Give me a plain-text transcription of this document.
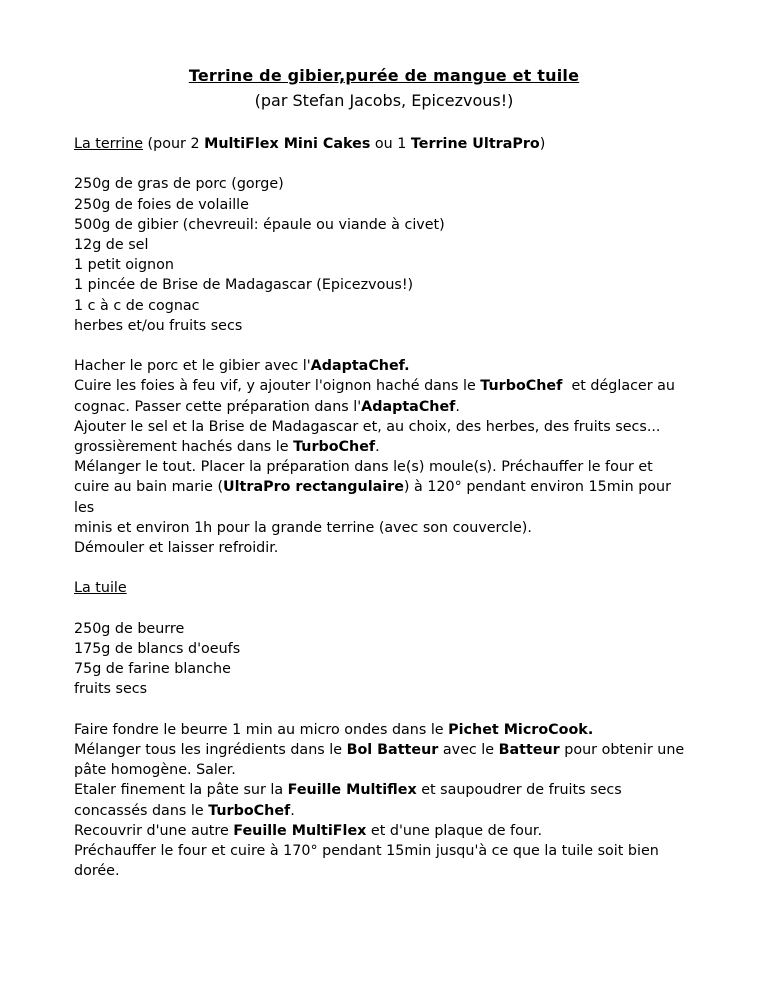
Terrine de gibier,purée de mangue et tuile
(par Stefan Jacobs, Epicezvous!)

La terrine (pour 2 MultiFlex Mini Cakes ou 1 Terrine UltraPro)

250g de gras de porc (gorge)

250g de foies de volaille

500g de gibier (chevreuil: épaule ou viande à civet)

12g de sel

1 petit oignon

1 pincée de Brise de Madagascar (Epicezvous!)

1 c à c de cognac

herbes et/ou fruits secs

Hacher le porc et le gibier avec l'AdaptaChef.

Cuire les foies à feu vif, y ajouter l'oignon haché dans le TurboChef  et déglacer au

cognac. Passer cette préparation dans l'AdaptaChef.

Ajouter le sel et la Brise de Madagascar et, au choix, des herbes, des fruits secs...

grossièrement hachés dans le TurboChef.

Mélanger le tout. Placer la préparation dans le(s) moule(s). Préchauffer le four et

cuire au bain marie (UltraPro rectangulaire) à 120° pendant environ 15min pour les

minis et environ 1h pour la grande terrine (avec son couvercle).

Démouler et laisser refroidir.

La tuile

250g de beurre

175g de blancs d'oeufs

75g de farine blanche

fruits secs

Faire fondre le beurre 1 min au micro ondes dans le Pichet MicroCook.

Mélanger tous les ingrédients dans le Bol Batteur avec le Batteur pour obtenir une

pâte homogène. Saler.

Etaler finement la pâte sur la Feuille Multiflex et saupoudrer de fruits secs

concassés dans le TurboChef.

Recouvrir d'une autre Feuille MultiFlex et d'une plaque de four.

Préchauffer le four et cuire à 170° pendant 15min jusqu'à ce que la tuile soit bien

dorée.
